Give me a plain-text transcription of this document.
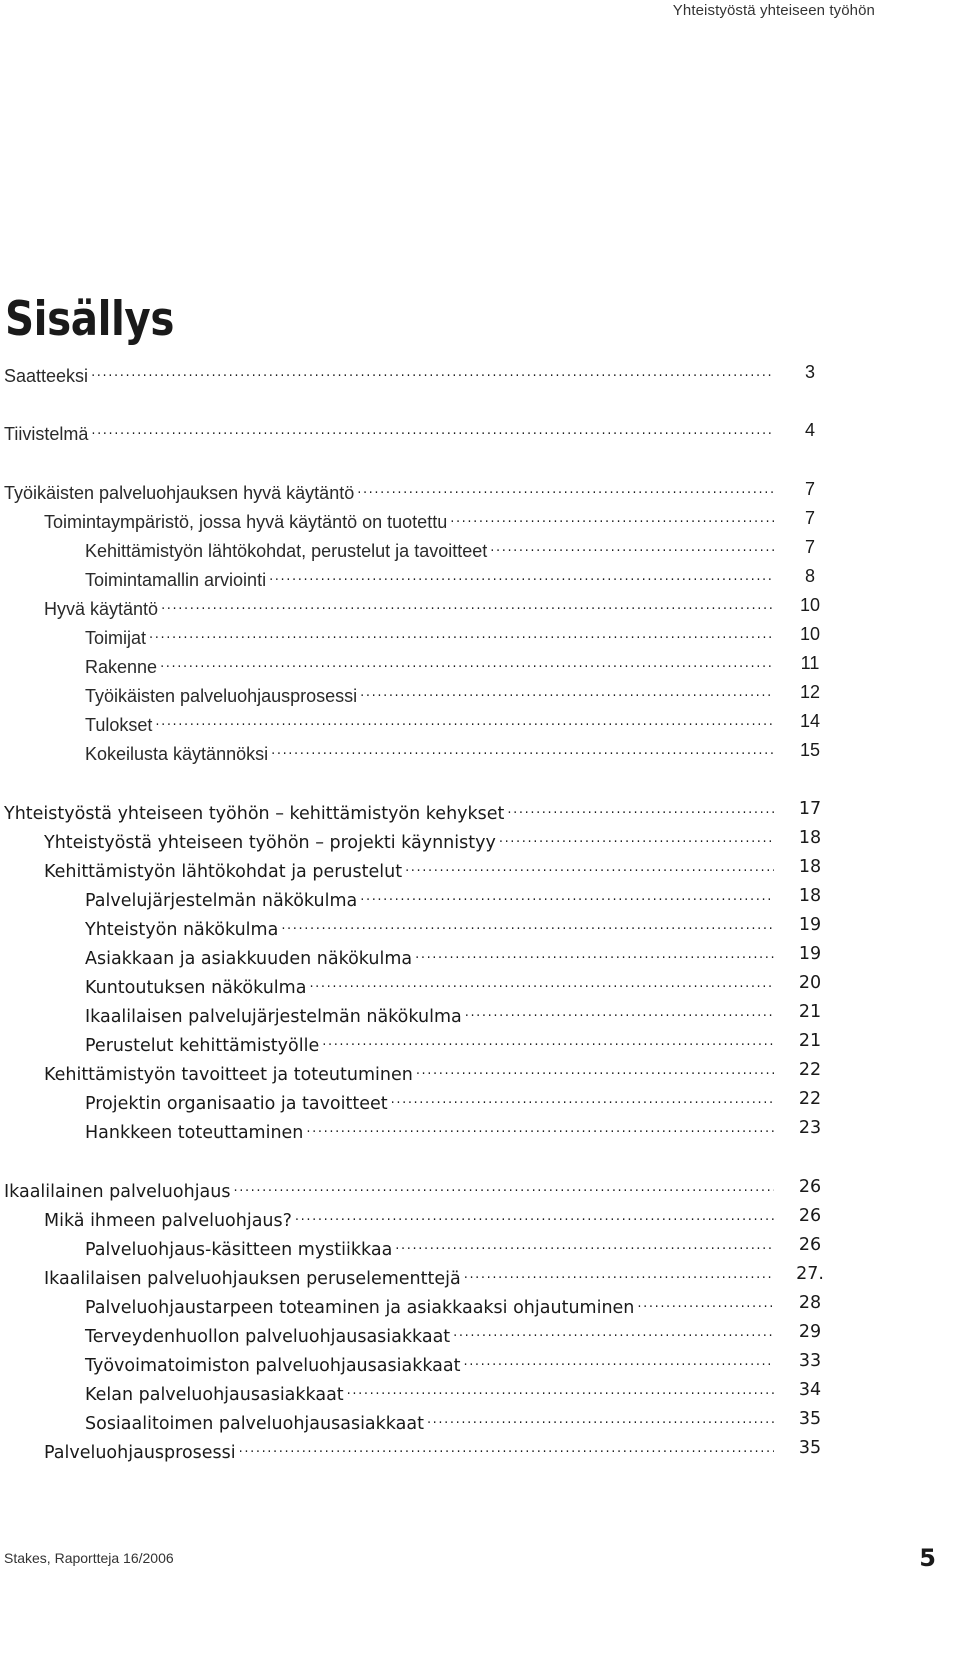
Yhteistyöstä yhteiseen työhön
Sisällys
Saatteeksi .....	3
Tiivistelmä .....	4
Työikäisten palveluohjauksen hyvä käytäntö .....	7
Toimintaympäristö, jossa hyvä käytäntö on tuotettu .....	7
Kehittämistyön lähtökohdat, perustelut ja tavoitteet .....	7
Toimintamallin arviointi .....	8
Hyvä käytäntö .....	10
Toimijat .....	10
Rakenne .....	11
Työikäisten palveluohjausprosessi .....	12
Tulokset .....	14
Kokeilusta käytännöksi .....	15
Yhteistyöstä yhteiseen työhön – kehittämistyön kehykset .....	17
Yhteistyöstä yhteiseen työhön – projekti käynnistyy .....	18
Kehittämistyön lähtökohdat ja perustelut .....	18
Palvelujärjestelmän näkökulma .....	18
Yhteistyön näkökulma .....	19
Asiakkaan ja asiakkuuden näkökulma .....	19
Kuntoutuksen näkökulma .....	20
Ikaalilaisen palvelujärjestelmän näkökulma .....	21
Perustelut kehittämistyölle .....	21
Kehittämistyön tavoitteet ja toteutuminen .....	22
Projektin organisaatio ja tavoitteet .....	22
Hankkeen toteuttaminen .....	23
Ikaalilainen palveluohjaus .....	26
Mikä ihmeen palveluohjaus? .....	26
Palveluohjaus-käsitteen mystiikkaa .....	26
Ikaalilaisen palveluohjauksen peruselementtejä .....	27.
Palveluohjaustarpeen toteaminen ja asiakkaaksi ohjautuminen .....	28
Terveydenhuollon palveluohjausasiakkaat .....	29
Työvoimatoimiston palveluohjausasiakkaat .....	33
Kelan palveluohjausasiakkaat .....	34
Sosiaalitoimen palveluohjausasiakkaat .....	35
Palveluohjausprosessi .....	35
Stakes, Raportteja 16/2006	5
